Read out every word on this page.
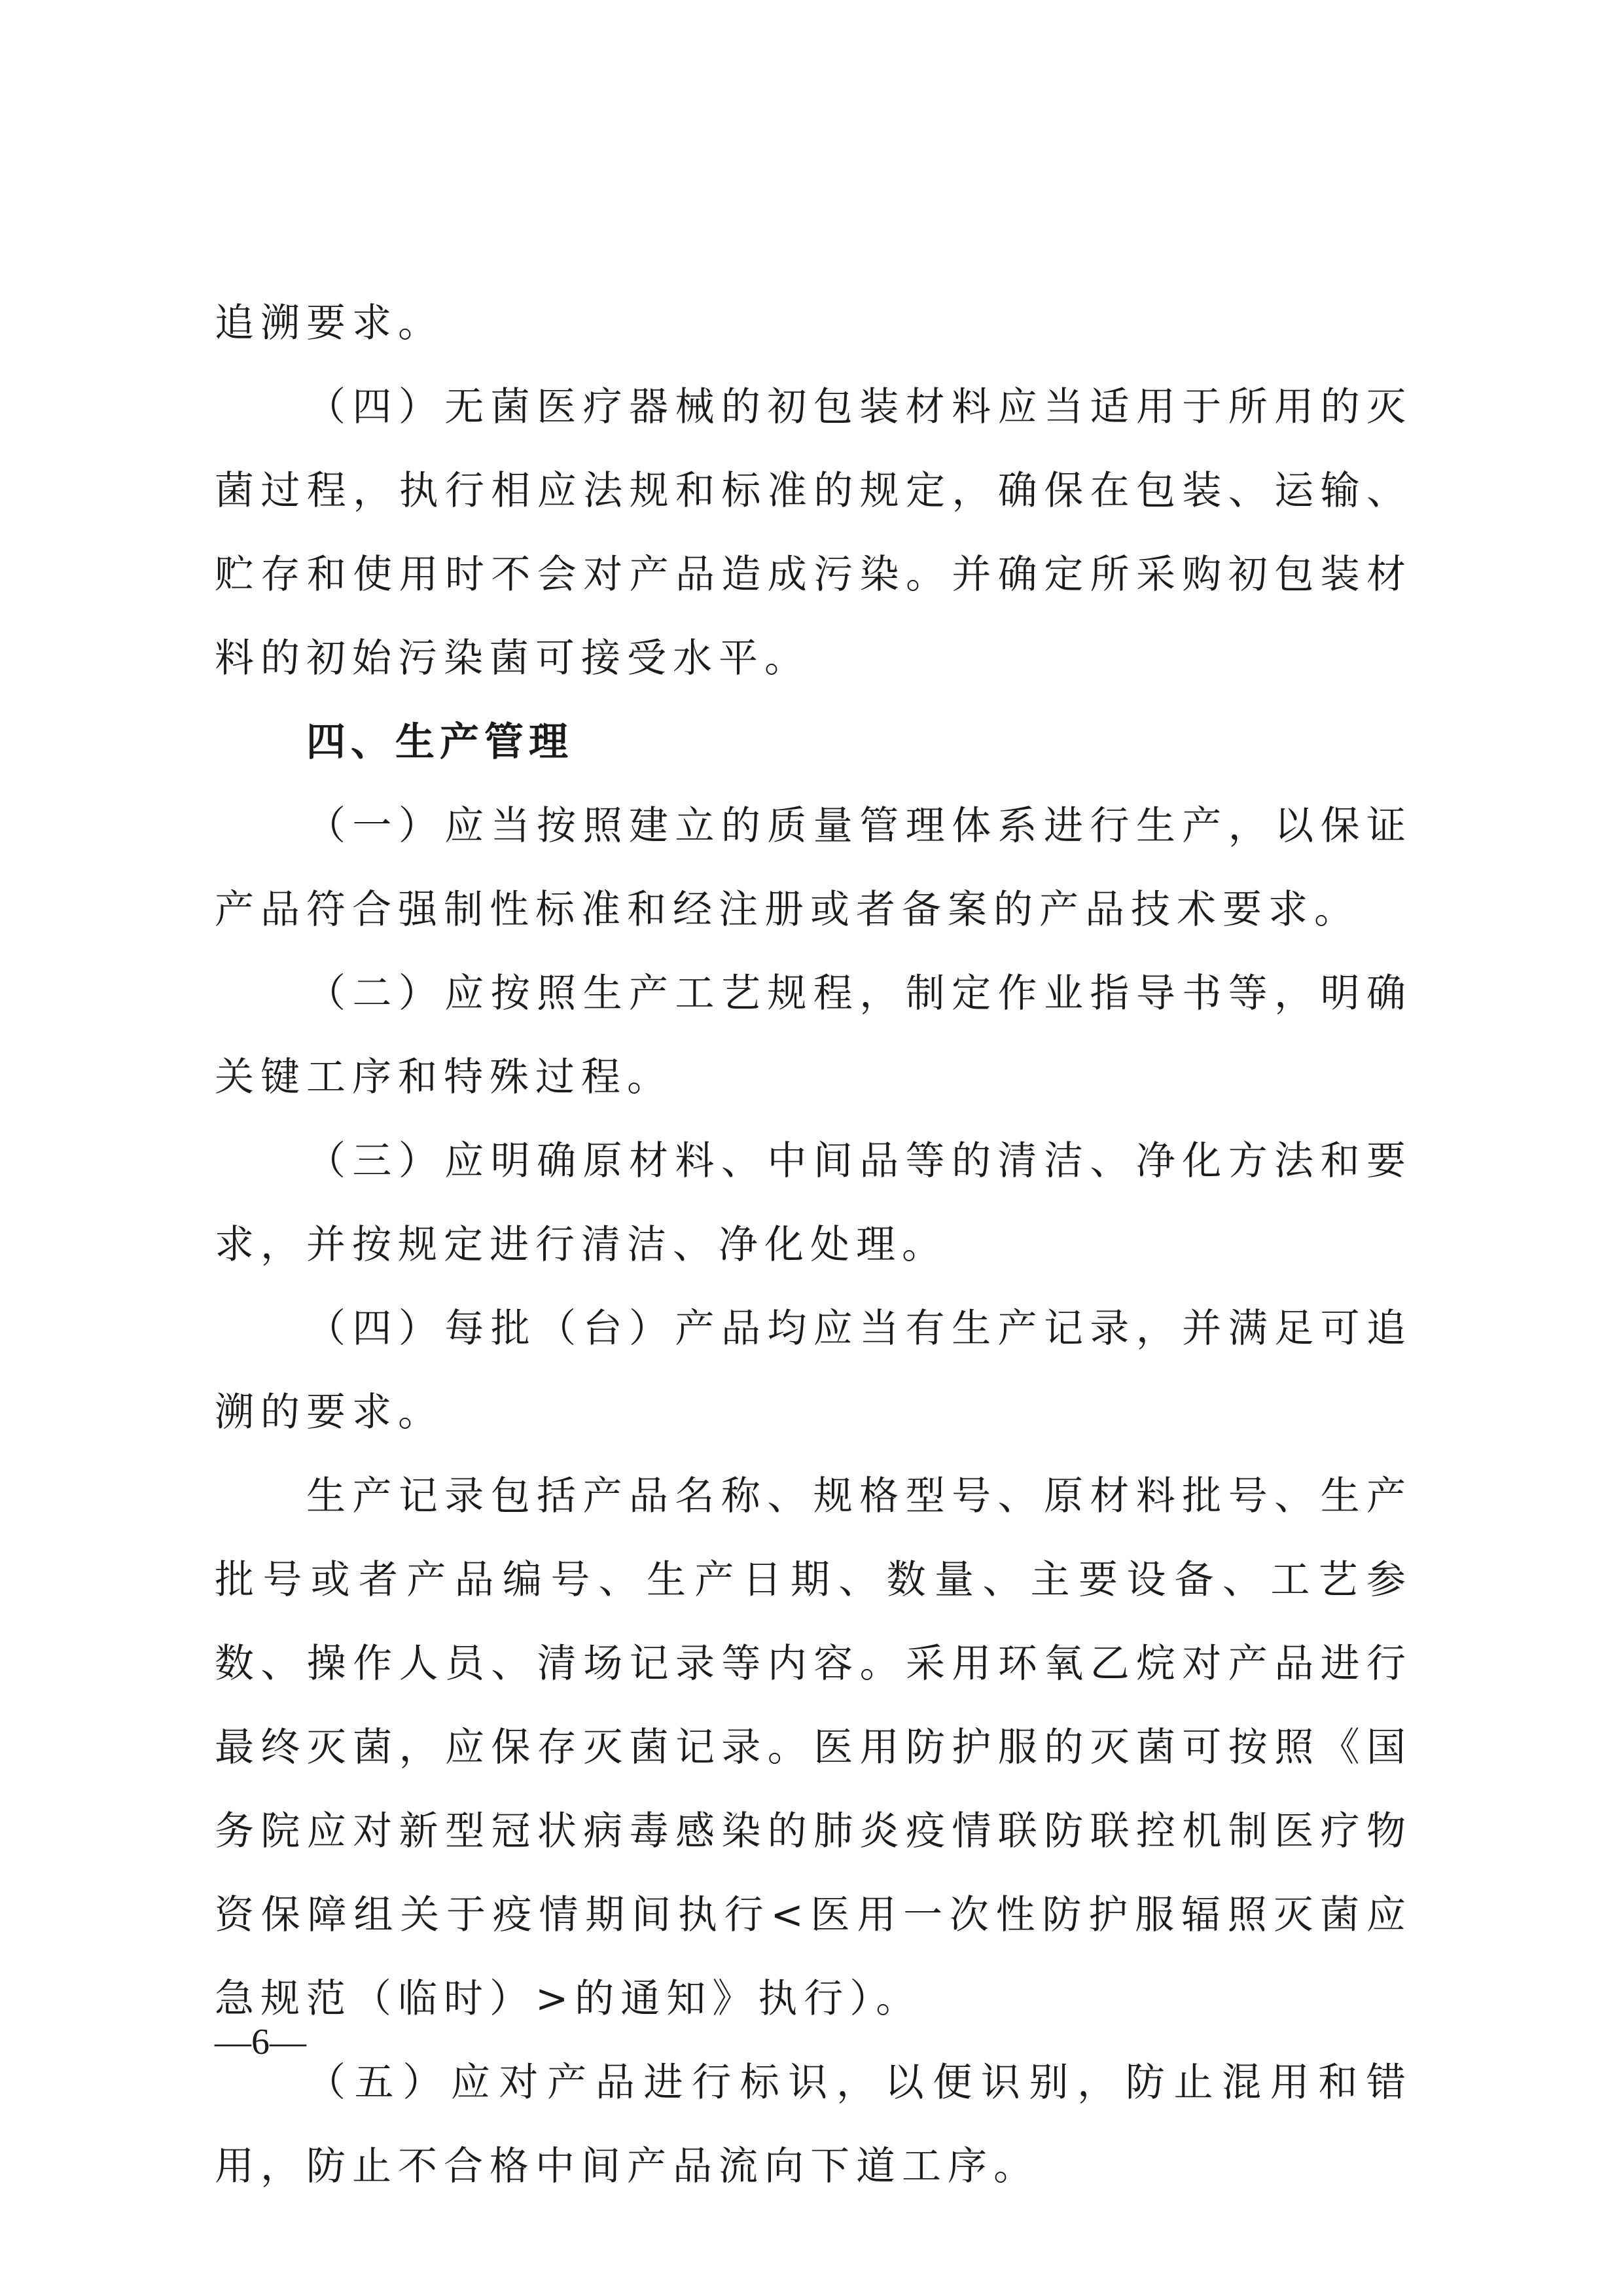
追溯要求。

（四）无菌医疗器械的初包装材料应当适用于所用的灭菌过程，执行相应法规和标准的规定，确保在包装、运输、贮存和使用时不会对产品造成污染。并确定所采购初包装材料的初始污染菌可接受水平。

四、生产管理

（一）应当按照建立的质量管理体系进行生产，以保证产品符合强制性标准和经注册或者备案的产品技术要求。

（二）应按照生产工艺规程，制定作业指导书等，明确关键工序和特殊过程。

（三）应明确原材料、中间品等的清洁、净化方法和要求，并按规定进行清洁、净化处理。

（四）每批（台）产品均应当有生产记录，并满足可追溯的要求。

生产记录包括产品名称、规格型号、原材料批号、生产批号或者产品编号、生产日期、数量、主要设备、工艺参数、操作人员、清场记录等内容。采用环氧乙烷对产品进行最终灭菌，应保存灭菌记录。医用防护服的灭菌可按照《国务院应对新型冠状病毒感染的肺炎疫情联防联控机制医疗物资保障组关于疫情期间执行<医用一次性防护服辐照灭菌应急规范（临时）>的通知》执行）。

（五）应对产品进行标识，以便识别，防止混用和错用，防止不合格中间产品流向下道工序。

—6—
